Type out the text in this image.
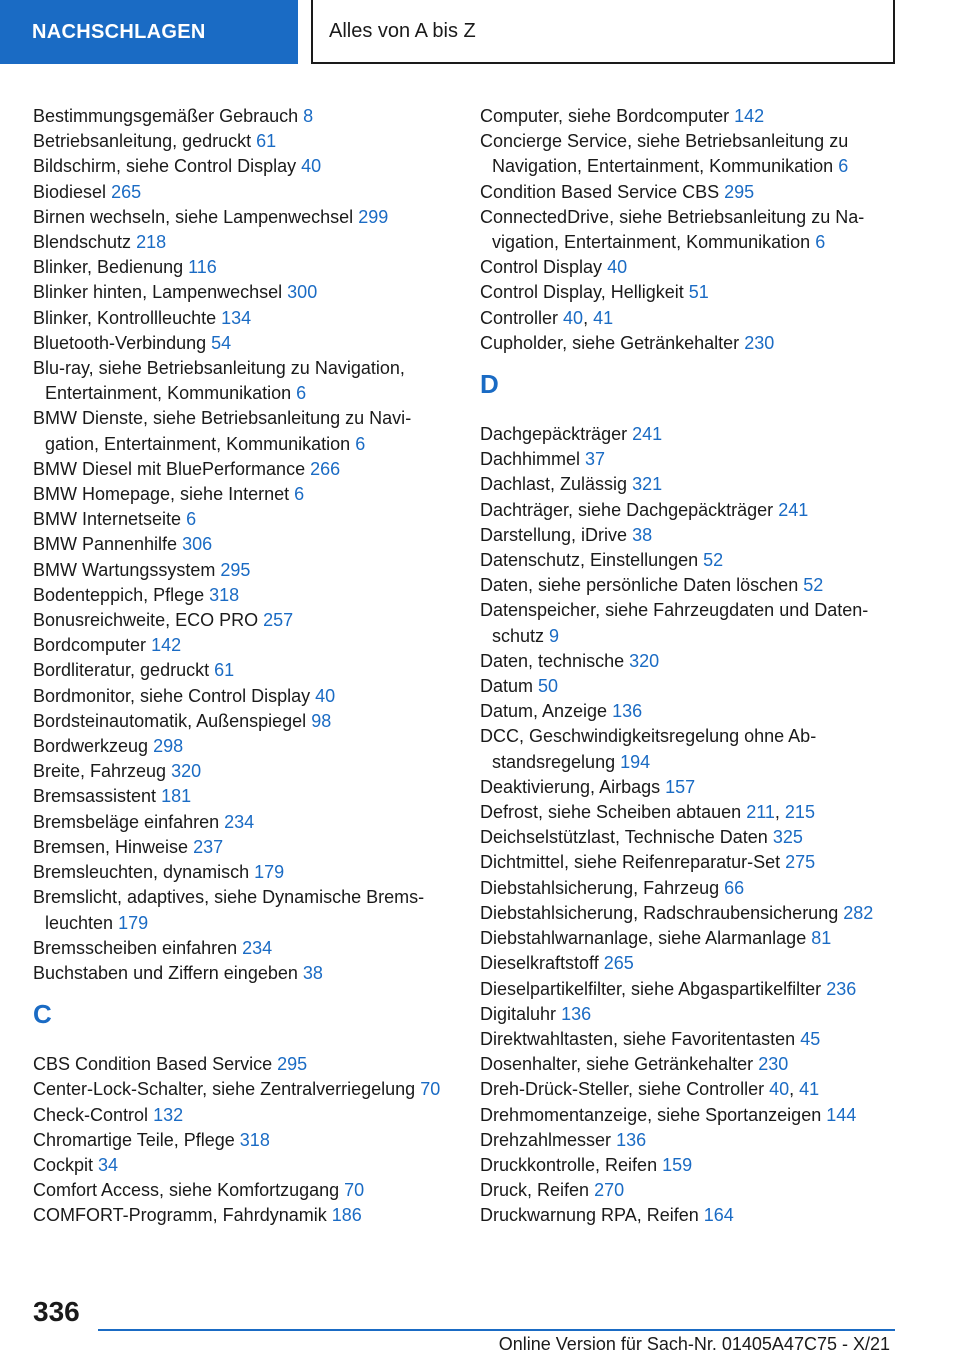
NACHSCHLAGEN	Alles von A bis Z

Bestimmungsgemäßer Gebrauch 8

Betriebsanleitung, gedruckt 61

Bildschirm, siehe Control Display 40

Biodiesel 265

Birnen wechseln, siehe Lampenwechsel 299

Blendschutz 218

Blinker, Bedienung 116

Blinker hinten, Lampenwechsel 300

Blinker, Kontrollleuchte 134

Bluetooth-Verbindung 54

Blu-ray, siehe Betriebsanleitung zu Navigation, Entertainment, Kommunikation 6

BMW Dienste, siehe Betriebsanleitung zu Navigation, Entertainment, Kommunikation 6

BMW Diesel mit BluePerformance 266

BMW Homepage, siehe Internet 6

BMW Internetseite 6

BMW Pannenhilfe 306

BMW Wartungssystem 295

Bodenteppich, Pflege 318

Bonusreichweite, ECO PRO 257

Bordcomputer 142

Bordliteratur, gedruckt 61

Bordmonitor, siehe Control Display 40

Bordsteinautomatik, Außenspiegel 98

Bordwerkzeug 298

Breite, Fahrzeug 320

Bremsassistent 181

Bremsbeläge einfahren 234

Bremsen, Hinweise 237

Bremsleuchten, dynamisch 179

Bremslicht, adaptives, siehe Dynamische Bremsleuchten 179

Bremsscheiben einfahren 234

Buchstaben und Ziffern eingeben 38

C

CBS Condition Based Service 295

Center-Lock-Schalter, siehe Zentralverriegelung 70

Check-Control 132

Chromartige Teile, Pflege 318

Cockpit 34

Comfort Access, siehe Komfortzugang 70

COMFORT-Programm, Fahrdynamik 186

Computer, siehe Bordcomputer 142

Concierge Service, siehe Betriebsanleitung zu Navigation, Entertainment, Kommunikation 6

Condition Based Service CBS 295

ConnectedDrive, siehe Betriebsanleitung zu Navigation, Entertainment, Kommunikation 6

Control Display 40

Control Display, Helligkeit 51

Controller 40, 41

Cupholder, siehe Getränkehalter 230

D

Dachgepäckträger 241

Dachhimmel 37

Dachlast, Zulässig 321

Dachträger, siehe Dachgepäckträger 241

Darstellung, iDrive 38

Datenschutz, Einstellungen 52

Daten, siehe persönliche Daten löschen 52

Datenspeicher, siehe Fahrzeugdaten und Datenschutz 9

Daten, technische 320

Datum 50

Datum, Anzeige 136

DCC, Geschwindigkeitsregelung ohne Abstandsregelung 194

Deaktivierung, Airbags 157

Defrost, siehe Scheiben abtauen 211, 215

Deichselstützlast, Technische Daten 325

Dichtmittel, siehe Reifenreparatur-Set 275

Diebstahlsicherung, Fahrzeug 66

Diebstahlsicherung, Radschraubensicherung 282

Diebstahlwarnanlage, siehe Alarmanlage 81

Dieselkraftstoff 265

Dieselpartikelfilter, siehe Abgaspartikelfilter 236

Digitaluhr 136

Direktwahltasten, siehe Favoritentasten 45

Dosenhalter, siehe Getränkehalter 230

Dreh-Drück-Steller, siehe Controller 40, 41

Drehmomentanzeige, siehe Sportanzeigen 144

Drehzahlmesser 136

Druckkontrolle, Reifen 159

Druck, Reifen 270

Druckwarnung RPA, Reifen 164

336
Online Version für Sach-Nr. 01405A47C75 - X/21
